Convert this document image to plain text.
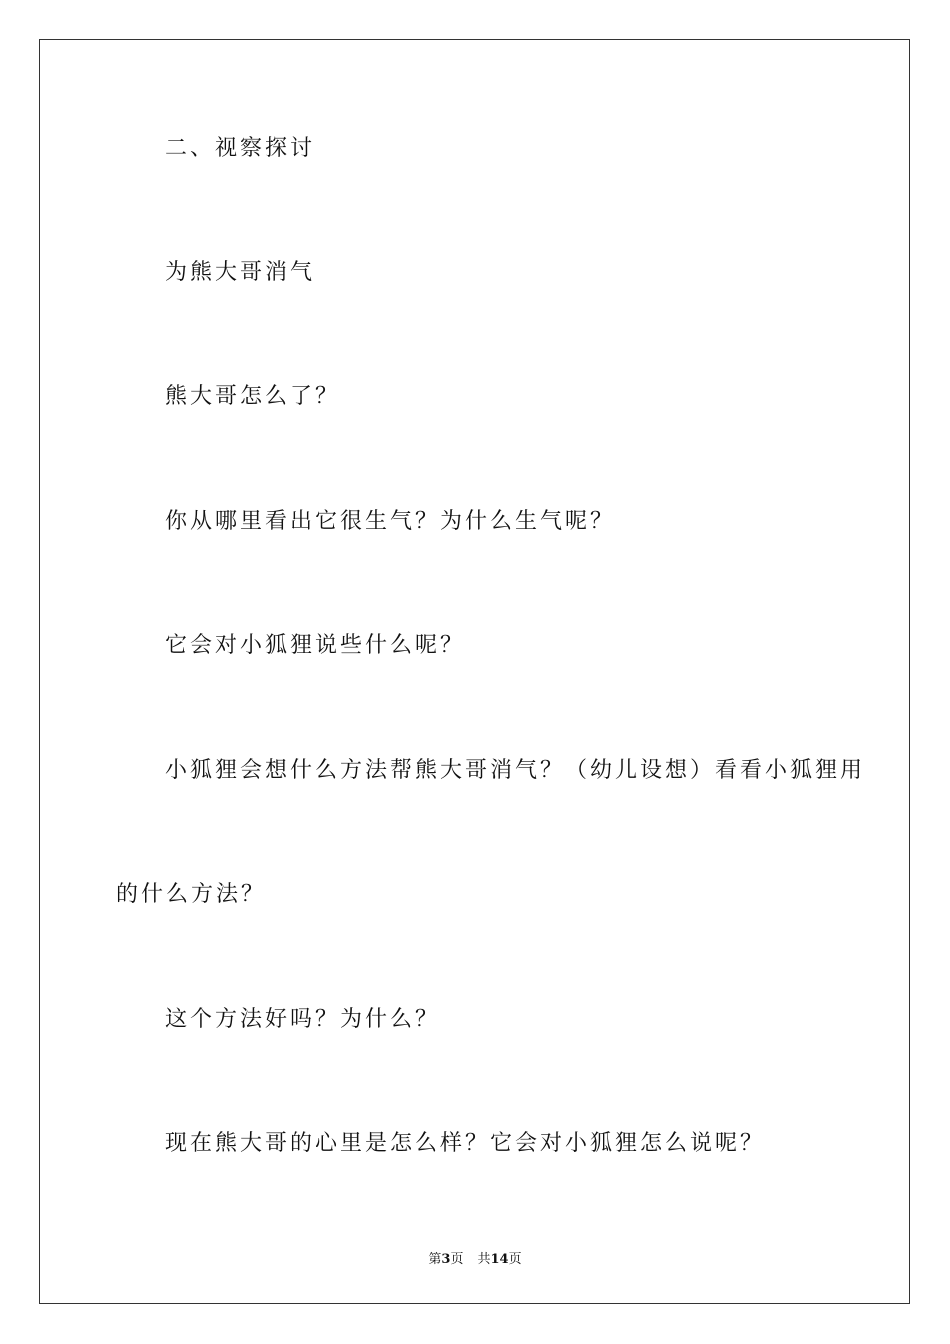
二、视察探讨
为熊大哥消气
熊大哥怎么了？
你从哪里看出它很生气？为什么生气呢？
它会对小狐狸说些什么呢？
小狐狸会想什么方法帮熊大哥消气？（幼儿设想）看看小狐狸用
的什么方法？
这个方法好吗？为什么？
现在熊大哥的心里是怎么样？它会对小狐狸怎么说呢？
第3页 共14页
